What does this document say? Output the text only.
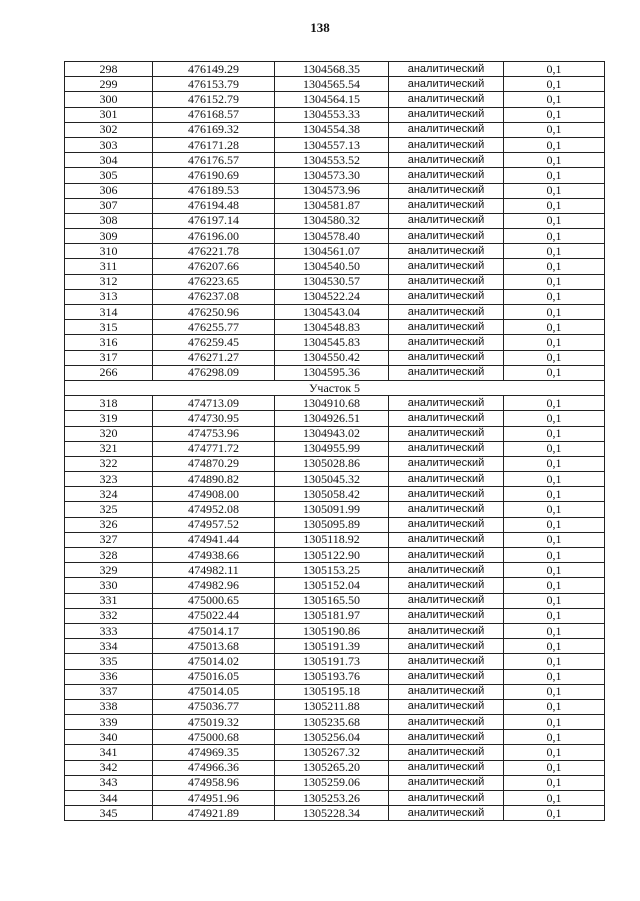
138
298	476149.29	1304568.35	аналитический	0,1
299	476153.79	1304565.54	аналитический	0,1
300	476152.79	1304564.15	аналитический	0,1
301	476168.57	1304553.33	аналитический	0,1
302	476169.32	1304554.38	аналитический	0,1
303	476171.28	1304557.13	аналитический	0,1
304	476176.57	1304553.52	аналитический	0,1
305	476190.69	1304573.30	аналитический	0,1
306	476189.53	1304573.96	аналитический	0,1
307	476194.48	1304581.87	аналитический	0,1
308	476197.14	1304580.32	аналитический	0,1
309	476196.00	1304578.40	аналитический	0,1
310	476221.78	1304561.07	аналитический	0,1
311	476207.66	1304540.50	аналитический	0,1
312	476223.65	1304530.57	аналитический	0,1
313	476237.08	1304522.24	аналитический	0,1
314	476250.96	1304543.04	аналитический	0,1
315	476255.77	1304548.83	аналитический	0,1
316	476259.45	1304545.83	аналитический	0,1
317	476271.27	1304550.42	аналитический	0,1
266	476298.09	1304595.36	аналитический	0,1
Участок 5				
318	474713.09	1304910.68	аналитический	0,1
319	474730.95	1304926.51	аналитический	0,1
320	474753.96	1304943.02	аналитический	0,1
321	474771.72	1304955.99	аналитический	0,1
322	474870.29	1305028.86	аналитический	0,1
323	474890.82	1305045.32	аналитический	0,1
324	474908.00	1305058.42	аналитический	0,1
325	474952.08	1305091.99	аналитический	0,1
326	474957.52	1305095.89	аналитический	0,1
327	474941.44	1305118.92	аналитический	0,1
328	474938.66	1305122.90	аналитический	0,1
329	474982.11	1305153.25	аналитический	0,1
330	474982.96	1305152.04	аналитический	0,1
331	475000.65	1305165.50	аналитический	0,1
332	475022.44	1305181.97	аналитический	0,1
333	475014.17	1305190.86	аналитический	0,1
334	475013.68	1305191.39	аналитический	0,1
335	475014.02	1305191.73	аналитический	0,1
336	475016.05	1305193.76	аналитический	0,1
337	475014.05	1305195.18	аналитический	0,1
338	475036.77	1305211.88	аналитический	0,1
339	475019.32	1305235.68	аналитический	0,1
340	475000.68	1305256.04	аналитический	0,1
341	474969.35	1305267.32	аналитический	0,1
342	474966.36	1305265.20	аналитический	0,1
343	474958.96	1305259.06	аналитический	0,1
344	474951.96	1305253.26	аналитический	0,1
345	474921.89	1305228.34	аналитический	0,1
